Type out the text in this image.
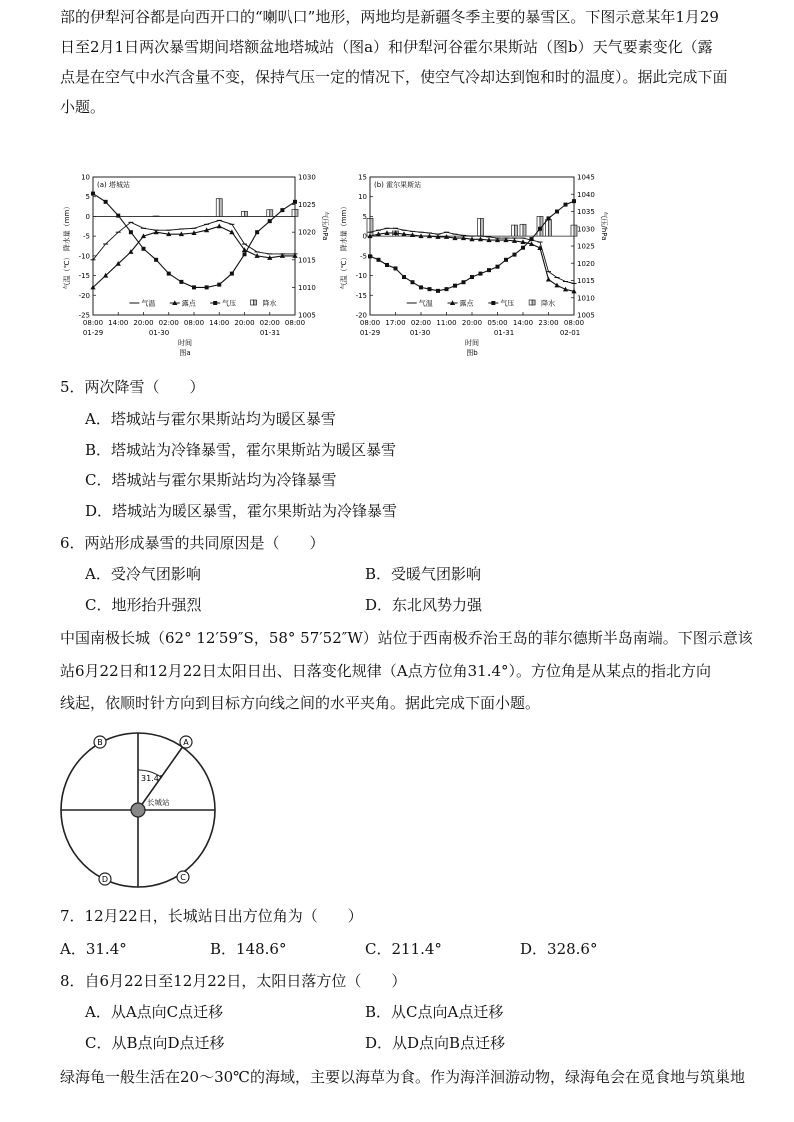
部的伊犁河谷都是向西开口的“喇叭口”地形，两地均是新疆冬季主要的暴雪区。下图示意某年1月29
日至2月1日两次暴雪期间塔额盆地塔城站（图a）和伊犁河谷霍尔果斯站（图b）天气要素变化（露
点是在空气中水汽含量不变，保持气压一定的情况下，使空气冷却达到饱和时的温度）。据此完成下面
小题。
10
5
0
-5
-10
-15
-20
-25
1030
1025
1020
1015
1010
1005
08:00 14:00 20:00 02:00 08:00 14:00 20:00 02:00 08:00
(a) 塔城站
气温（℃） 降水量（mm）	气压/hPa
气温	露点	气压	降水
01-29	01-30	01-31
时间
图a
15
10
5
0
-5
-10
-15
-20
1045
1040
1035
1030
1025
1020
1015
1010
1005
08:00 17:00 02:00 11:00 20:00 05:00 14:00 23:00 08:00
(b) 霍尔果斯站
气温（℃） 降水量（mm）	气压/hPa
气温	露点	气压	降水
01-29	01-30	01-31	02-01
时间
图b
5．两次降雪（　　）
A．塔城站与霍尔果斯站均为暖区暴雪
B．塔城站为冷锋暴雪，霍尔果斯站为暖区暴雪
C．塔城站与霍尔果斯站均为冷锋暴雪
D．塔城站为暖区暴雪，霍尔果斯站为冷锋暴雪
6．两站形成暴雪的共同原因是（　　）
A．受冷气团影响	B．受暖气团影响
C．地形抬升强烈	D．东北风势力强
中国南极长城（62° 12′59″S，58° 57′52″W）站位于西南极乔治王岛的菲尔德斯半岛南端。下图示意该
站6月22日和12月22日太阳日出、日落变化规律（A点方位角31.4°）。方位角是从某点的指北方向
线起，依顺时针方向到目标方向线之间的水平夹角。据此完成下面小题。
31.4°
长城站
A
B
C
D
7．12月22日，长城站日出方位角为（　　）
A．31.4°	B．148.6°	C．211.4°	D．328.6°
8．自6月22日至12月22日，太阳日落方位（　　）
A．从A点向C点迁移	B．从C点向A点迁移
C．从B点向D点迁移	D．从D点向B点迁移
绿海龟一般生活在20～30℃的海域，主要以海草为食。作为海洋洄游动物，绿海龟会在觅食地与筑巢地
